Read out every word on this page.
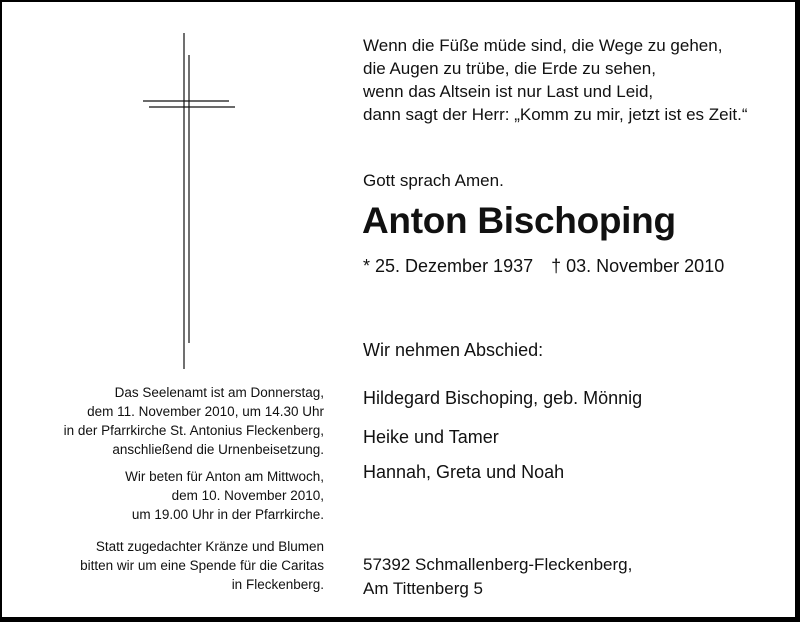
Wenn die Füße müde sind, die Wege zu gehen,
die Augen zu trübe, die Erde zu sehen,
wenn das Altsein ist nur Last und Leid,
dann sagt der Herr: „Komm zu mir, jetzt ist es Zeit.“
Gott sprach Amen.
Anton Bischoping
* 25. Dezember 1937 † 03. November 2010
Wir nehmen Abschied:
Hildegard Bischoping, geb. Mönnig
Heike und Tamer
Hannah, Greta und Noah
Das Seelenamt ist am Donnerstag,
dem 11. November 2010, um 14.30 Uhr
in der Pfarrkirche St. Antonius Fleckenberg,
anschließend die Urnenbeisetzung.
Wir beten für Anton am Mittwoch,
dem 10. November 2010,
um 19.00 Uhr in der Pfarrkirche.
Statt zugedachter Kränze und Blumen
bitten wir um eine Spende für die Caritas
in Fleckenberg.
57392 Schmallenberg-Fleckenberg,
Am Tittenberg 5
